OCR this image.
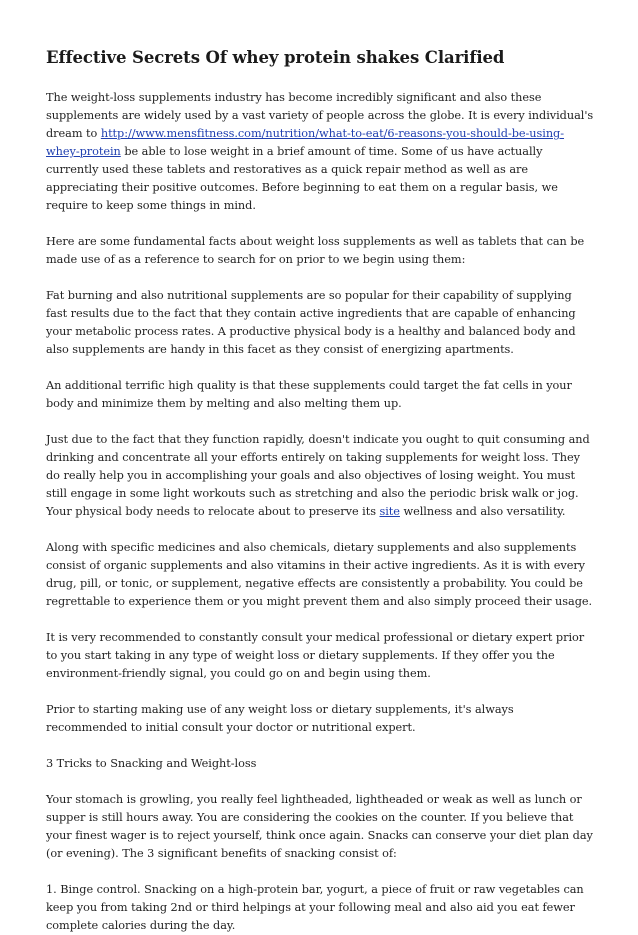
Effective Secrets Of whey protein shakes Clarified

The weight-loss supplements industry has become incredibly significant and also these supplements are widely used by a vast variety of people across the globe. It is every individual's dream to http://www.mensfitness.com/nutrition/what-to-eat/6-reasons-you-should-be-using-whey-protein be able to lose weight in a brief amount of time. Some of us have actually currently used these tablets and restoratives as a quick repair method as well as are appreciating their positive outcomes. Before beginning to eat them on a regular basis, we require to keep some things in mind.

Here are some fundamental facts about weight loss supplements as well as tablets that can be made use of as a reference to search for on prior to we begin using them:

Fat burning and also nutritional supplements are so popular for their capability of supplying fast results due to the fact that they contain active ingredients that are capable of enhancing your metabolic process rates. A productive physical body is a healthy and balanced body and also supplements are handy in this facet as they consist of energizing apartments.

An additional terrific high quality is that these supplements could target the fat cells in your body and minimize them by melting and also melting them up.

Just due to the fact that they function rapidly, doesn't indicate you ought to quit consuming and drinking and concentrate all your efforts entirely on taking supplements for weight loss. They do really help you in accomplishing your goals and also objectives of losing weight. You must still engage in some light workouts such as stretching and also the periodic brisk walk or jog. Your physical body needs to relocate about to preserve its site wellness and also versatility.

Along with specific medicines and also chemicals, dietary supplements and also supplements consist of organic supplements and also vitamins in their active ingredients. As it is with every drug, pill, or tonic, or supplement, negative effects are consistently a probability. You could be regrettable to experience them or you might prevent them and also simply proceed their usage.

It is very recommended to constantly consult your medical professional or dietary expert prior to you start taking in any type of weight loss or dietary supplements. If they offer you the environment-friendly signal, you could go on and begin using them.

Prior to starting making use of any weight loss or dietary supplements, it's always recommended to initial consult your doctor or nutritional expert.

3 Tricks to Snacking and Weight-loss

Your stomach is growling, you really feel lightheaded, lightheaded or weak as well as lunch or supper is still hours away. You are considering the cookies on the counter. If you believe that your finest wager is to reject yourself, think once again. Snacks can conserve your diet plan day (or evening). The 3 significant benefits of snacking consist of:

1. Binge control. Snacking on a high-protein bar, yogurt, a piece of fruit or raw vegetables can keep you from taking 2nd or third helpings at your following meal and also aid you eat fewer complete calories during the day.
